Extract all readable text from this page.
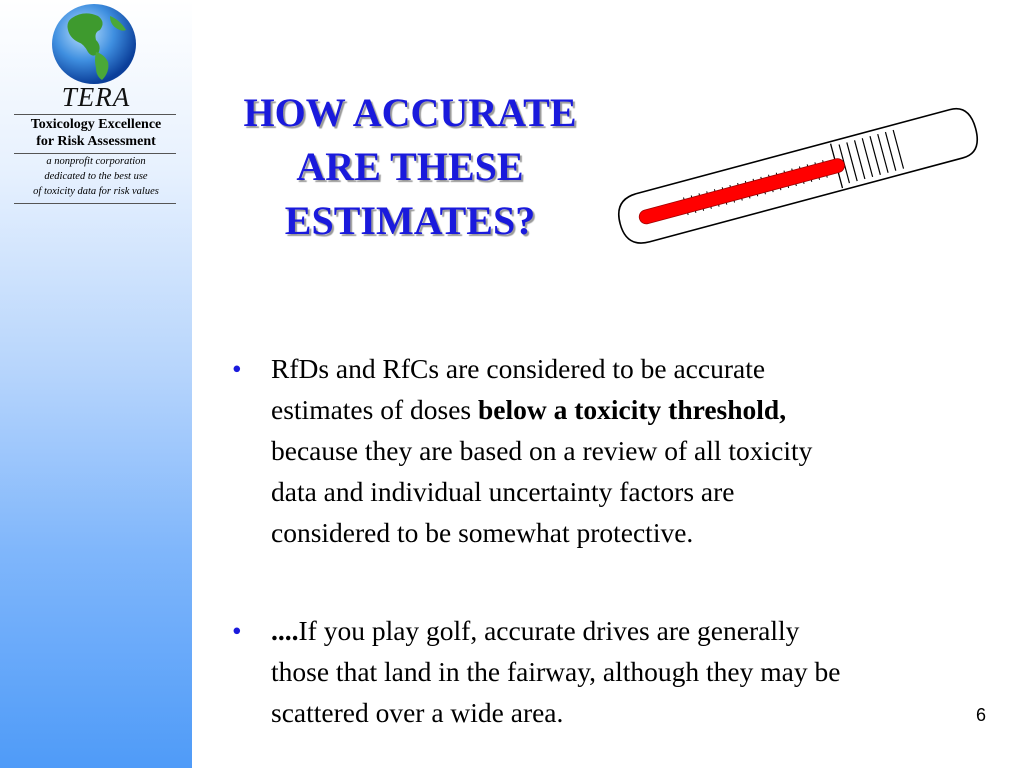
TERA
Toxicology Excellence
for Risk Assessment
a nonprofit corporation
dedicated to the best use
of toxicity data for risk values
HOW ACCURATE
ARE THESE
ESTIMATES?
• RfDs and RfCs are considered to be accurate
estimates of doses below a toxicity threshold,
because they are based on a review of all toxicity
data and individual uncertainty factors are
considered to be somewhat protective.
• ....If you play golf, accurate drives are generally
those that land in the fairway, although they may be
scattered over a wide area.	6
